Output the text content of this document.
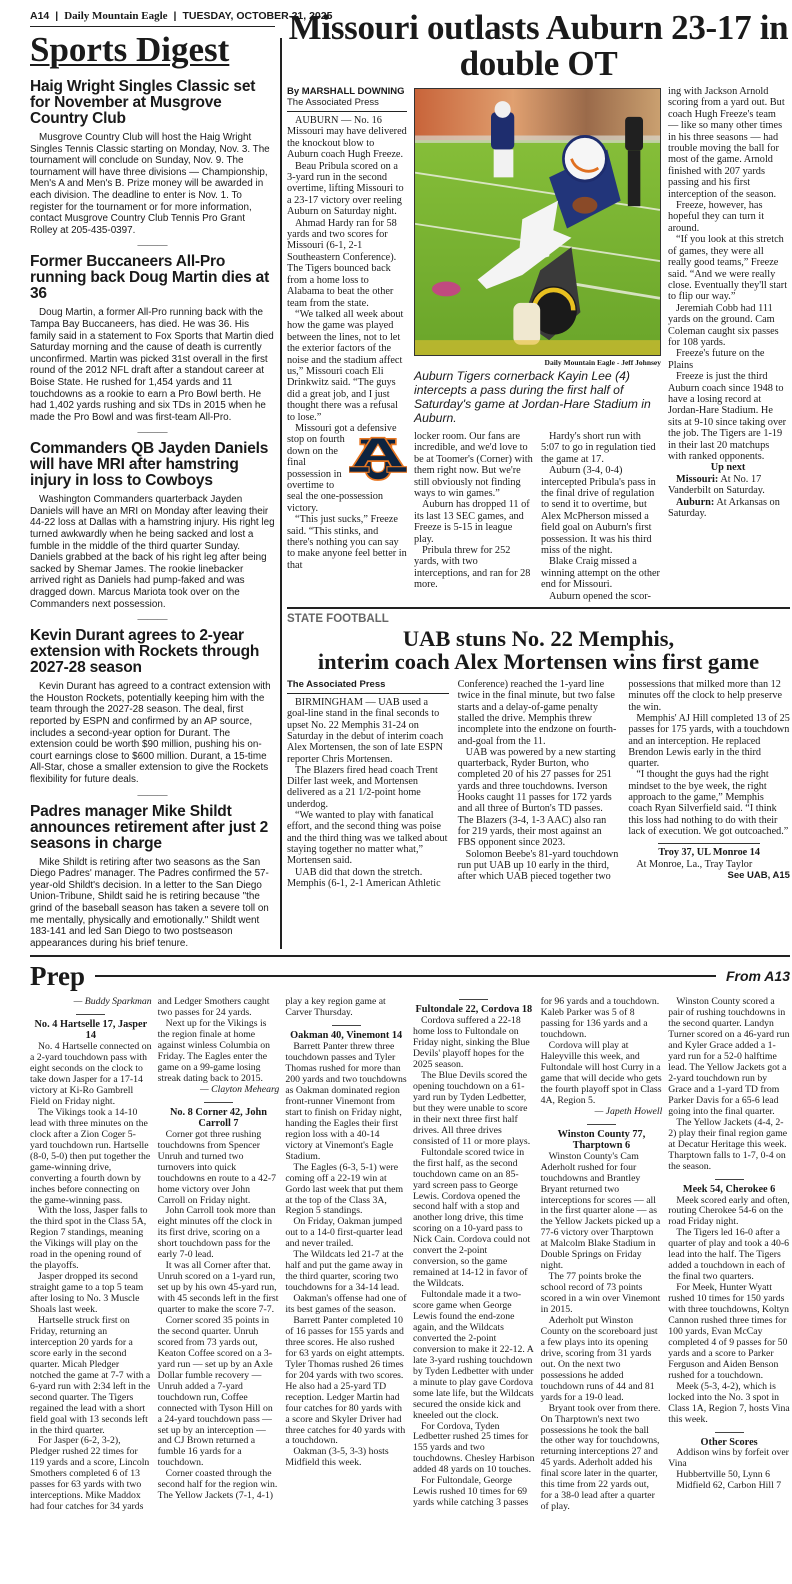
A14 | Daily Mountain Eagle | TUESDAY, OCTOBER 21, 2025
Sports Digest
Haig Wright Singles Classic set for November at Musgrove Country Club

Musgrove Country Club will host the Haig Wright Singles Tennis Classic starting on Monday, Nov. 3. The tournament will conclude on Sunday, Nov. 9. The tournament will have three divisions — Championship, Men's A and Men's B. Prize money will be awarded in each division. The deadline to enter is Nov. 1. To register for the tournament or for more information, contact Musgrove Country Club Tennis Pro Grant Rolley at 205-435-0397.

———
Former Buccaneers All-Pro running back Doug Martin dies at 36

Doug Martin, a former All-Pro running back with the Tampa Bay Buccaneers, has died. He was 36. His family said in a statement to Fox Sports that Martin died Saturday morning and the cause of death is currently unconfirmed. Martin was picked 31st overall in the first round of the 2012 NFL draft after a standout career at Boise State. He rushed for 1,454 yards and 11 touchdowns as a rookie to earn a Pro Bowl berth. He had 1,402 yards rushing and six TDs in 2015 when he made the Pro Bowl and was first-team All-Pro.

———
Commanders QB Jayden Daniels will have MRI after hamstring injury in loss to Cowboys

Washington Commanders quarterback Jayden Daniels will have an MRI on Monday after leaving their 44-22 loss at Dallas with a hamstring injury. His right leg turned awkwardly when he being sacked and lost a fumble in the middle of the third quarter Sunday. Daniels grabbed at the back of his right leg after being sacked by Shemar James. The rookie linebacker arrived right as Daniels had pump-faked and was dragged down. Marcus Mariota took over on the Commanders next possession.

———
Kevin Durant agrees to 2-year extension with Rockets through 2027-28 season

Kevin Durant has agreed to a contract extension with the Houston Rockets, potentially keeping him with the team through the 2027-28 season. The deal, first reported by ESPN and confirmed by an AP source, includes a second-year option for Durant. The extension could be worth $90 million, pushing his on-court earnings close to $600 million. Durant, a 15-time All-Star, chose a smaller extension to give the Rockets flexibility for future deals.

———
Padres manager Mike Shildt announces retirement after just 2 seasons in charge

Mike Shildt is retiring after two seasons as the San Diego Padres' manager. The Padres confirmed the 57-year-old Shildt's decision. In a letter to the San Diego Union-Tribune, Shildt said he is retiring because "the grind of the baseball season has taken a severe toll on me mentally, physically and emotionally." Shildt went 183-141 and led San Diego to two postseason appearances during his brief tenure.

Missouri outlasts Auburn 23-17 in double OT
By MARSHALL DOWNING
The Associated Press

AUBURN — No. 16 Missouri may have delivered the knockout blow to Auburn coach Hugh Freeze.

Beau Pribula scored on a 3-yard run in the second overtime, lifting Missouri to a 23-17 victory over reeling Auburn on Saturday night.

Ahmad Hardy ran for 58 yards and two scores for Missouri (6-1, 2-1 Southeastern Conference). The Tigers bounced back from a home loss to Alabama to beat the other team from the state.

“We talked all week about how the game was played between the lines, not to let the exterior factors of the noise and the stadium affect us,” Missouri coach Eli Drinkwitz said. “The guys did a great job, and I just thought there was a refusal to lose.”

Missouri got a defensive
stop on fourth down on the final possession in overtime to seal the one-possession victory.

“This just sucks,” Freeze said. “This stinks, and there's nothing you can say to make anyone feel better in that

Daily Mountain Eagle - Jeff Johnsey
Auburn Tigers cornerback Kayin Lee (4) intercepts a pass during the first half of Saturday's game at Jordan-Hare Stadium in Auburn.

locker room. Our fans are incredible, and we'd love to be at Toomer's (Corner) with them right now. But we're still obviously not finding ways to win games.”

Auburn has dropped 11 of its last 13 SEC games, and Freeze is 5-15 in league play.

Pribula threw for 252 yards, with two interceptions, and ran for 28 more.

Hardy's short run with 5:07 to go in regulation tied the game at 17.

Auburn (3-4, 0-4) intercepted Pribula's pass in the final drive of regulation to send it to overtime, but Alex McPherson missed a field goal on Auburn's first possession. It was his third miss of the night.

Blake Craig missed a winning attempt on the other end for Missouri.

Auburn opened the scor-

ing with Jackson Arnold scoring from a yard out. But coach Hugh Freeze's team — like so many other times in his three seasons — had trouble moving the ball for most of the game. Arnold finished with 207 yards passing and his first interception of the season.

Freeze, however, has hopeful they can turn it around.

“If you look at this stretch of games, they were all really good teams,” Freeze said. “And we were really close. Eventually they'll start to flip our way.”

Jeremiah Cobb had 111 yards on the ground. Cam Coleman caught six passes for 108 yards.

Freeze's future on the Plains

Freeze is just the third Auburn coach since 1948 to have a losing record at Jordan-Hare Stadium. He sits at 9-10 since taking over the job. The Tigers are 1-19 in their last 20 matchups with ranked opponents.

Up next

Missouri: At No. 17 Vanderbilt on Saturday.

Auburn: At Arkansas on Saturday.

STATE FOOTBALL
UAB stuns No. 22 Memphis,
interim coach Alex Mortensen wins first game
The Associated Press

BIRMINGHAM — UAB used a goal-line stand in the final seconds to upset No. 22 Memphis 31-24 on Saturday in the debut of interim coach Alex Mortensen, the son of late ESPN reporter Chris Mortensen.

The Blazers fired head coach Trent Dilfer last week, and Mortensen delivered as a 21 1/2-point home underdog.

“We wanted to play with fanatical effort, and the second thing was poise and the third thing was we talked about staying together no matter what,” Mortensen said.

UAB did that down the stretch. Memphis (6-1, 2-1 American Athletic Conference) reached the 1-yard line twice in the final minute, but two false starts and a delay-of-game penalty stalled the drive. Memphis threw incomplete into the endzone on fourth-and-goal from the 11.

UAB was powered by a new starting quarterback, Ryder Burton, who completed 20 of his 27 passes for 251 yards and three touchdowns. Iverson Hooks caught 11 passes for 172 yards and all three of Burton's TD passes. The Blazers (3-4, 1-3 AAC) also ran for 219 yards, their most against an FBS opponent since 2023.

Solomon Beebe's 81-yard touchdown run put UAB up 10 early in the third, after which UAB pieced together two possessions that milked more than 12 minutes off the clock to help preserve the win.

Memphis' AJ Hill completed 13 of 25 passes for 175 yards, with a touchdown and an interception. He replaced Brendon Lewis early in the third quarter.

“I thought the guys had the right mindset to the bye week, the right approach to the game,” Memphis coach Ryan Silverfield said. “I think this loss had nothing to do with their lack of execution. We got outcoached.”

Troy 37, UL Monroe 14

At Monroe, La., Tray Taylor

See UAB, A15

Prep	From A13
— Buddy Sparkman
No. 4 Hartselle 17, Jasper 14
No. 4 Hartselle connected on a 2-yard touchdown pass with eight seconds on the clock to take down Jasper for a 17-14 victory at Ki-Ro Gambrell Field on Friday night.
The Vikings took a 14-10 lead with three minutes on the clock after a Zion Coger 5-yard touchdown run. Hartselle (8-0, 5-0) then put together the game-winning drive, converting a fourth down by inches before connecting on the game-winning pass.
With the loss, Jasper falls to the third spot in the Class 5A, Region 7 standings, meaning the Vikings will play on the road in the opening round of the playoffs.
Jasper dropped its second straight game to a top 5 team after losing to No. 3 Muscle Shoals last week.
Hartselle struck first on Friday, returning an interception 20 yards for a score early in the second quarter. Micah Pledger notched the game at 7-7 with a 6-yard run with 2:34 left in the second quarter. The Tigers regained the lead with a short field goal with 13 seconds left in the third quarter.
For Jasper (6-2, 3-2), Pledger rushed 22 times for 119 yards and a score, Lincoln Smothers completed 6 of 13 passes for 63 yards with two interceptions. Mike Maddox had four catches for 34 yards and Ledger Smothers caught two passes for 24 yards.
Next up for the Vikings is the region finale at home against winless Columbia on Friday. The Eagles enter the game on a 99-game losing streak dating back to 2015.
— Clayton Mehearg
No. 8 Corner 42, John Carroll 7
Corner got three rushing touchdowns from Spencer Unruh and turned two turnovers into quick touchdowns en route to a 42-7 home victory over John Carroll on Friday night.
John Carroll took more than eight minutes off the clock in its first drive, scoring on a short touchdown pass for the early 7-0 lead.
It was all Corner after that. Unruh scored on a 1-yard run, set up by his own 45-yard run, with 45 seconds left in the first quarter to make the score 7-7.
Corner scored 35 points in the second quarter. Unruh scored from 73 yards out, Keaton Coffee scored on a 3-yard run — set up by an Axle Dollar fumble recovery — Unruh added a 7-yard touchdown run, Coffee connected with Tyson Hill on a 24-yard touchdown pass — set up by an interception — and CJ Brown returned a fumble 16 yards for a touchdown.
Corner coasted through the second half for the region win. The Yellow Jackets (7-1, 4-1) play a key region game at Carver Thursday.
Oakman 40, Vinemont 14
Barrett Panter threw three touchdown passes and Tyler Thomas rushed for more than 200 yards and two touchdowns as Oakman dominated region front-runner Vinemont from start to finish on Friday night, handing the Eagles their first region loss with a 40-14 victory at Vinemont's Eagle Stadium.
The Eagles (6-3, 5-1) were coming off a 22-19 win at Gordo last week that put them at the top of the Class 3A, Region 5 standings.
On Friday, Oakman jumped out to a 14-0 first-quarter lead and never trailed.
The Wildcats led 21-7 at the half and put the game away in the third quarter, scoring two touchdowns for a 34-14 lead.
Oakman's offense had one of its best games of the season.
Barrett Panter completed 10 of 16 passes for 155 yards and three scores. He also rushed for 63 yards on eight attempts. Tyler Thomas rushed 26 times for 204 yards with two scores. He also had a 25-yard TD reception. Ledger Martin had four catches for 80 yards with a score and Skyler Driver had three catches for 40 yards with a touchdown.
Oakman (3-5, 3-3) hosts Midfield this week.
Fultondale 22, Cordova 18
Cordova suffered a 22-18 home loss to Fultondale on Friday night, sinking the Blue Devils' playoff hopes for the 2025 season.
The Blue Devils scored the opening touchdown on a 61-yard run by Tyden Ledbetter, but they were unable to score in their next three first half drives. All three drives consisted of 11 or more plays.
Fultondale scored twice in the first half, as the second touchdown came on an 85-yard screen pass to George Lewis. Cordova opened the second half with a stop and another long drive, this time scoring on a 10-yard pass to Nick Cain. Cordova could not convert the 2-point conversion, so the game remained at 14-12 in favor of the Wildcats.
Fultondale made it a two-score game when George Lewis found the end-zone again, and the Wildcats converted the 2-point conversion to make it 22-12. A late 3-yard rushing touchdown by Tyden Ledbetter with under a minute to play gave Cordova some late life, but the Wildcats secured the onside kick and kneeled out the clock.
For Cordova, Tyden Ledbetter rushed 25 times for 155 yards and two touchdowns. Chesley Harbison added 48 yards on 10 touches.
For Fultondale, George Lewis rushed 10 times for 69 yards while catching 3 passes for 96 yards and a touchdown. Kaleb Parker was 5 of 8 passing for 136 yards and a touchdown.
Cordova will play at Haleyville this week, and Fultondale will host Curry in a game that will decide who gets the fourth playoff spot in Class 4A, Region 5.
— Japeth Howell
Winston County 77, Tharptown 6
Winston County's Cam Aderholt rushed for four touchdowns and Brantley Bryant returned two interceptions for scores — all in the first quarter alone — as the Yellow Jackets picked up a 77-6 victory over Tharptown at Malcolm Blake Stadium in Double Springs on Friday night.
The 77 points broke the school record of 73 points scored in a win over Vinemont in 2015.
Aderholt put Winston County on the scoreboard just a few plays into its opening drive, scoring from 31 yards out. On the next two possessions he added touchdown runs of 44 and 81 yards for a 19-0 lead.
Bryant took over from there. On Tharptown's next two possessions he took the ball the other way for touchdowns, returning interceptions 27 and 45 yards. Aderholt added his final score later in the quarter, this time from 22 yards out, for a 38-0 lead after a quarter of play.
Winston County scored a pair of rushing touchdowns in the second quarter. Landyn Turner scored on a 46-yard run and Kyler Grace added a 1-yard run for a 52-0 halftime lead. The Yellow Jackets got a 2-yard touchdown run by Grace and a 1-yard TD from Parker Davis for a 65-6 lead going into the final quarter.
The Yellow Jackets (4-4, 2-2) play their final region game at Decatur Heritage this week. Tharptown falls to 1-7, 0-4 on the season.
Meek 54, Cherokee 6
Meek scored early and often, routing Cherokee 54-6 on the road Friday night.
The Tigers led 16-0 after a quarter of play and took a 40-6 lead into the half. The Tigers added a touchdown in each of the final two quarters.
For Meek, Hunter Wyatt rushed 10 times for 150 yards with three touchdowns, Koltyn Cannon rushed three times for 100 yards, Evan McCay completed 4 of 9 passes for 50 yards and a score to Parker Ferguson and Aiden Benson rushed for a touchdown.
Meek (5-3, 4-2), which is locked into the No. 3 spot in Class 1A, Region 7, hosts Vina this week.
Other Scores
Addison wins by forfeit over Vina
Hubbertville 50, Lynn 6
Midfield 62, Carbon Hill 7
